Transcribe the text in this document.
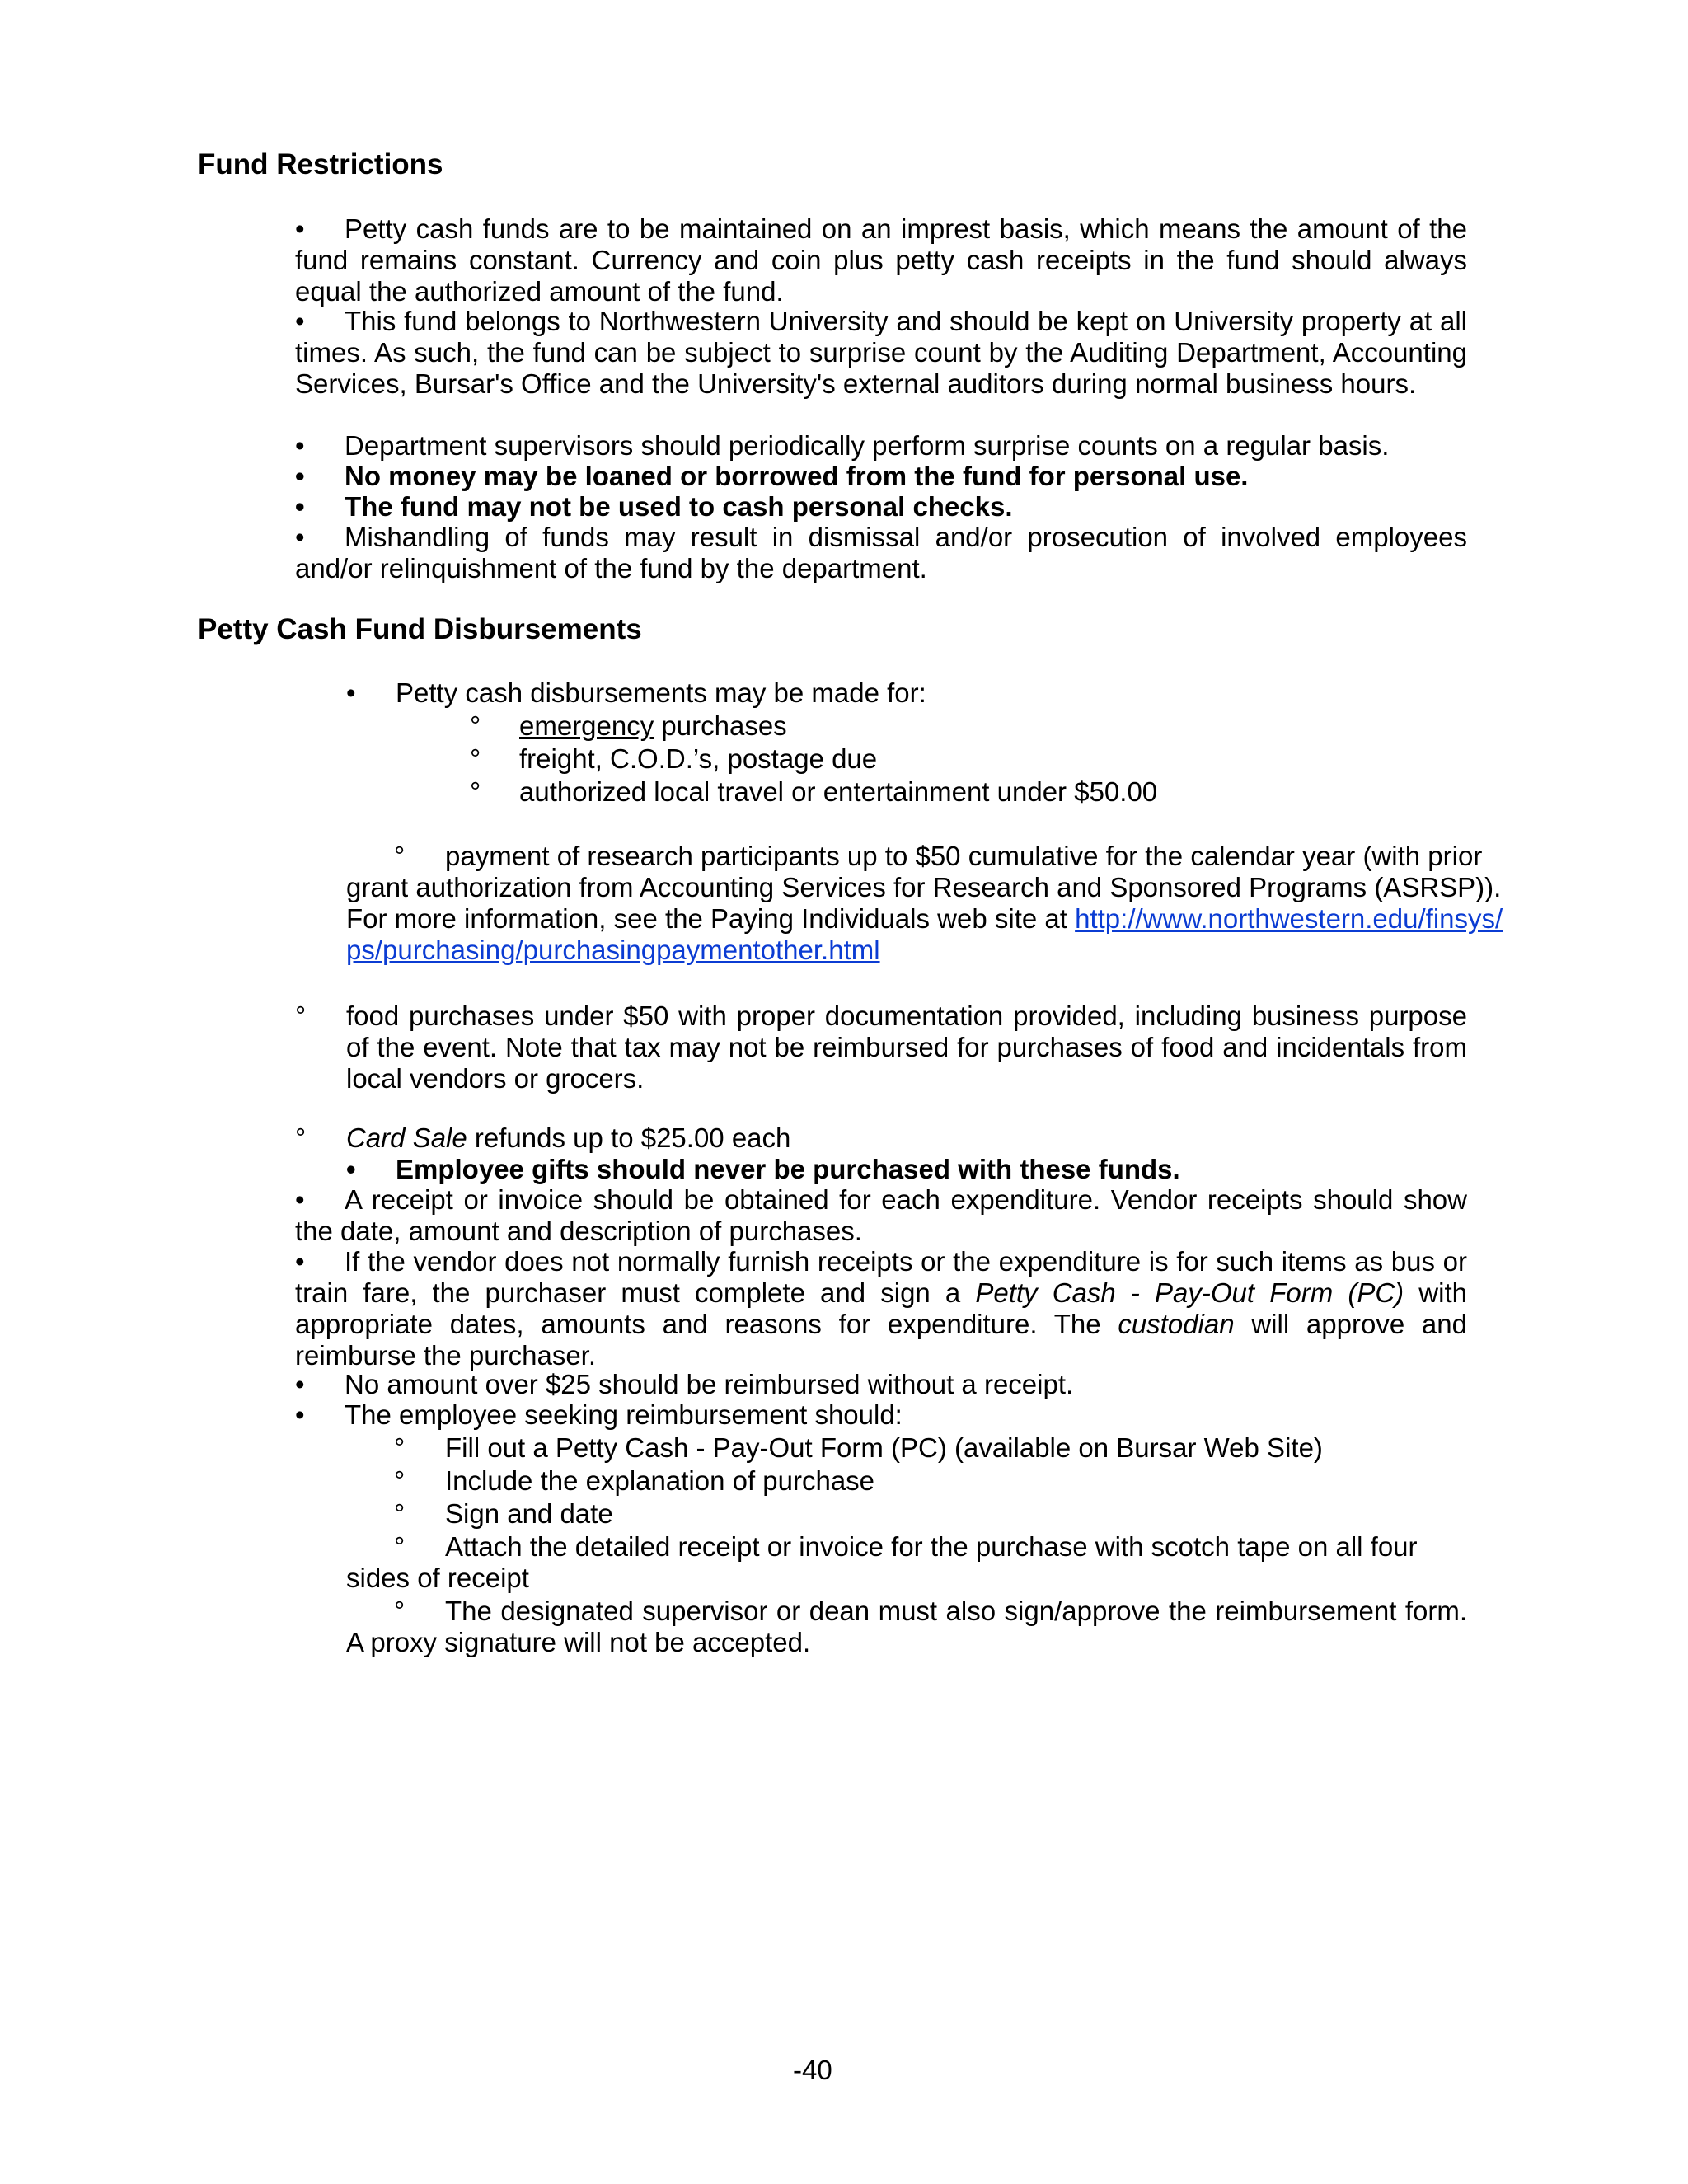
Fund Restrictions

• Petty cash funds are to be maintained on an imprest basis, which means the amount of the fund remains constant. Currency and coin plus petty cash receipts in the fund should always equal the authorized amount of the fund.

• This fund belongs to Northwestern University and should be kept on University property at all times. As such, the fund can be subject to surprise count by the Auditing Department, Accounting Services, Bursar's Office and the University's external auditors during normal business hours.

• Department supervisors should periodically perform surprise counts on a regular basis.

• No money may be loaned or borrowed from the fund for personal use.

• The fund may not be used to cash personal checks.

• Mishandling of funds may result in dismissal and/or prosecution of involved employees and/or relinquishment of the fund by the department.

Petty Cash Fund Disbursements

• Petty cash disbursements may be made for:

° emergency purchases

° freight, C.O.D.’s, postage due

° authorized local travel or entertainment under $50.00

° payment of research participants up to $50 cumulative for the calendar year (with prior grant authorization from Accounting Services for Research and Sponsored Programs (ASRSP)). For more information, see the Paying Individuals web site at http://www.northwestern.edu/finsys/
ps/purchasing/purchasingpaymentother.html

° food purchases under $50 with proper documentation provided, including business purpose of the event. Note that tax may not be reimbursed for purchases of food and incidentals from local vendors or grocers.

° Card Sale refunds up to $25.00 each

• Employee gifts should never be purchased with these funds.

• A receipt or invoice should be obtained for each expenditure. Vendor receipts should show the date, amount and description of purchases.

• If the vendor does not normally furnish receipts or the expenditure is for such items as bus or train fare, the purchaser must complete and sign a Petty Cash - Pay-Out Form (PC) with appropriate dates, amounts and reasons for expenditure. The custodian will approve and reimburse the purchaser.

• No amount over $25 should be reimbursed without a receipt.

• The employee seeking reimbursement should:

° Fill out a Petty Cash - Pay-Out Form (PC) (available on Bursar Web Site)

° Include the explanation of purchase

° Sign and date

° Attach the detailed receipt or invoice for the purchase with scotch tape on all four sides of receipt

° The designated supervisor or dean must also sign/approve the reimbursement form. A proxy signature will not be accepted.

-40
